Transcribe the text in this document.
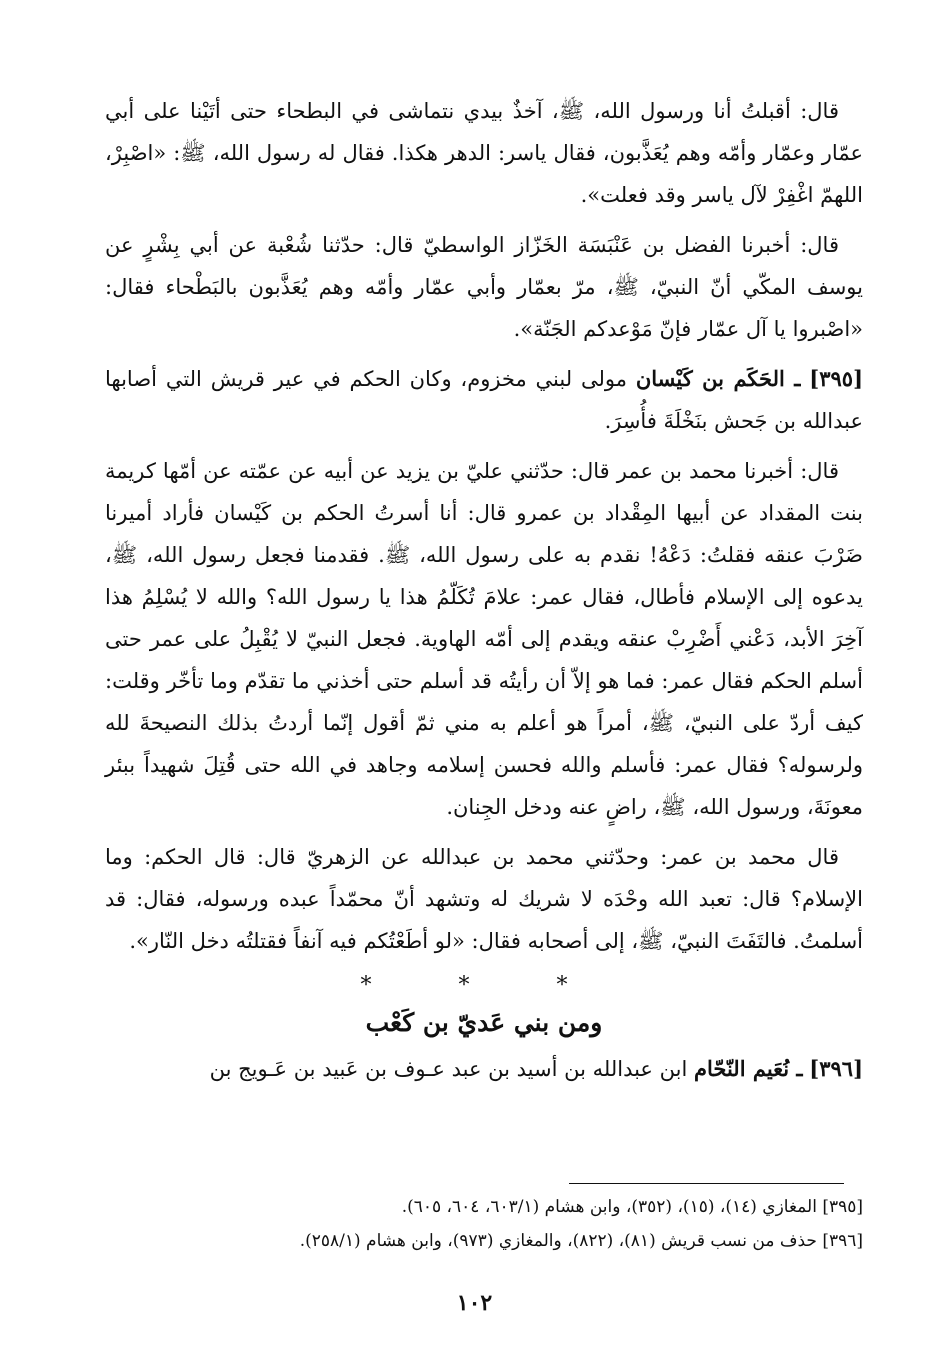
قال: أقبلتُ أنا ورسول الله، ﷺ، آخذٌ بيدي نتماشى في البطحاء حتى أتَيْنا على أبي عمّار وعمّار وأمّه وهم يُعَذَّبون، فقال ياسر: الدهر هكذا. فقال له رسول الله، ﷺ: «اصْبِرْ، اللهمّ اغْفِرْ لآل ياسر وقد فعلت».

قال: أخبرنا الفضل بن عَنْبَسَة الخَزّاز الواسطيّ قال: حدّثنا شُعْبة عن أبي بِشْرٍ عن يوسف المكّي أنّ النبيّ، ﷺ، مرّ بعمّار وأبي عمّار وأمّه وهم يُعَذَّبون بالبَطْحاء فقال: «اصْبروا يا آل عمّار فإنّ مَوْعدكم الجَنّة».

[٣٩٥] ـ الحَكَم بن كَيْسان مولى لبني مخزوم، وكان الحكم في عير قريش التي أصابها عبدالله بن جَحش بنَخْلَةَ فأُسِرَ.

قال: أخبرنا محمد بن عمر قال: حدّثني عليّ بن يزيد عن أبيه عن عمّته عن أمّها كريمة بنت المقداد عن أبيها المِقْداد بن عمرو قال: أنا أسرتُ الحكم بن كَيْسان فأراد أميرنا ضَرْبَ عنقه فقلتُ: دَعْهُ! نقدم به على رسول الله، ﷺ. فقدمنا فجعل رسول الله، ﷺ، يدعوه إلى الإسلام فأطال، فقال عمر: علامَ تُكَلّمُ هذا يا رسول الله؟ والله لا يُسْلِمُ هذا آخِرَ الأبد، دَعْني أَضْرِبْ عنقه ويقدم إلى أمّه الهاوية. فجعل النبيّ لا يُقْبِلُ على عمر حتى أسلم الحكم فقال عمر: فما هو إلاّ أن رأيتُه قد أسلم حتى أخذني ما تقدّم وما تأخّر وقلت: كيف أردّ على النبيّ، ﷺ، أمراً هو أعلم به مني ثمّ أقول إنّما أردتُ بذلك النصيحةَ لله ولرسوله؟ فقال عمر: فأسلم والله فحسن إسلامه وجاهد في الله حتى قُتِلَ شهيداً ببئر معونَةَ، ورسول الله، ﷺ، راضٍ عنه ودخل الجِنان.

قال محمد بن عمر: وحدّثني محمد بن عبدالله عن الزهريّ قال: قال الحكم: وما الإسلام؟ قال: تعبد الله وحْدَه لا شريك له وتشهد أنّ محمّداً عبده ورسوله، فقال: قد أسلمتُ. فالتَفَتَ النبيّ، ﷺ، إلى أصحابه فقال: «لو أطَعْتُكم فيه آنفاً فقتلتُه دخل النّار».

* * *
ومن بني عَديّ بن كَعْب

[٣٩٦] ـ نُعَيم النّحّام ابن عبدالله بن أسيد بن عبد عـوف بن عَبيد بن عَـويج بن

[٣٩٥] المغازي (١٤)، (١٥)، (٣٥٢)، وابن هشام (٦٠٣/١، ٦٠٤، ٦٠٥).

[٣٩٦] حذف من نسب قريش (٨١)، (٨٢٢)، والمغازي (٩٧٣)، وابن هشام (٢٥٨/١).

١٠٢
